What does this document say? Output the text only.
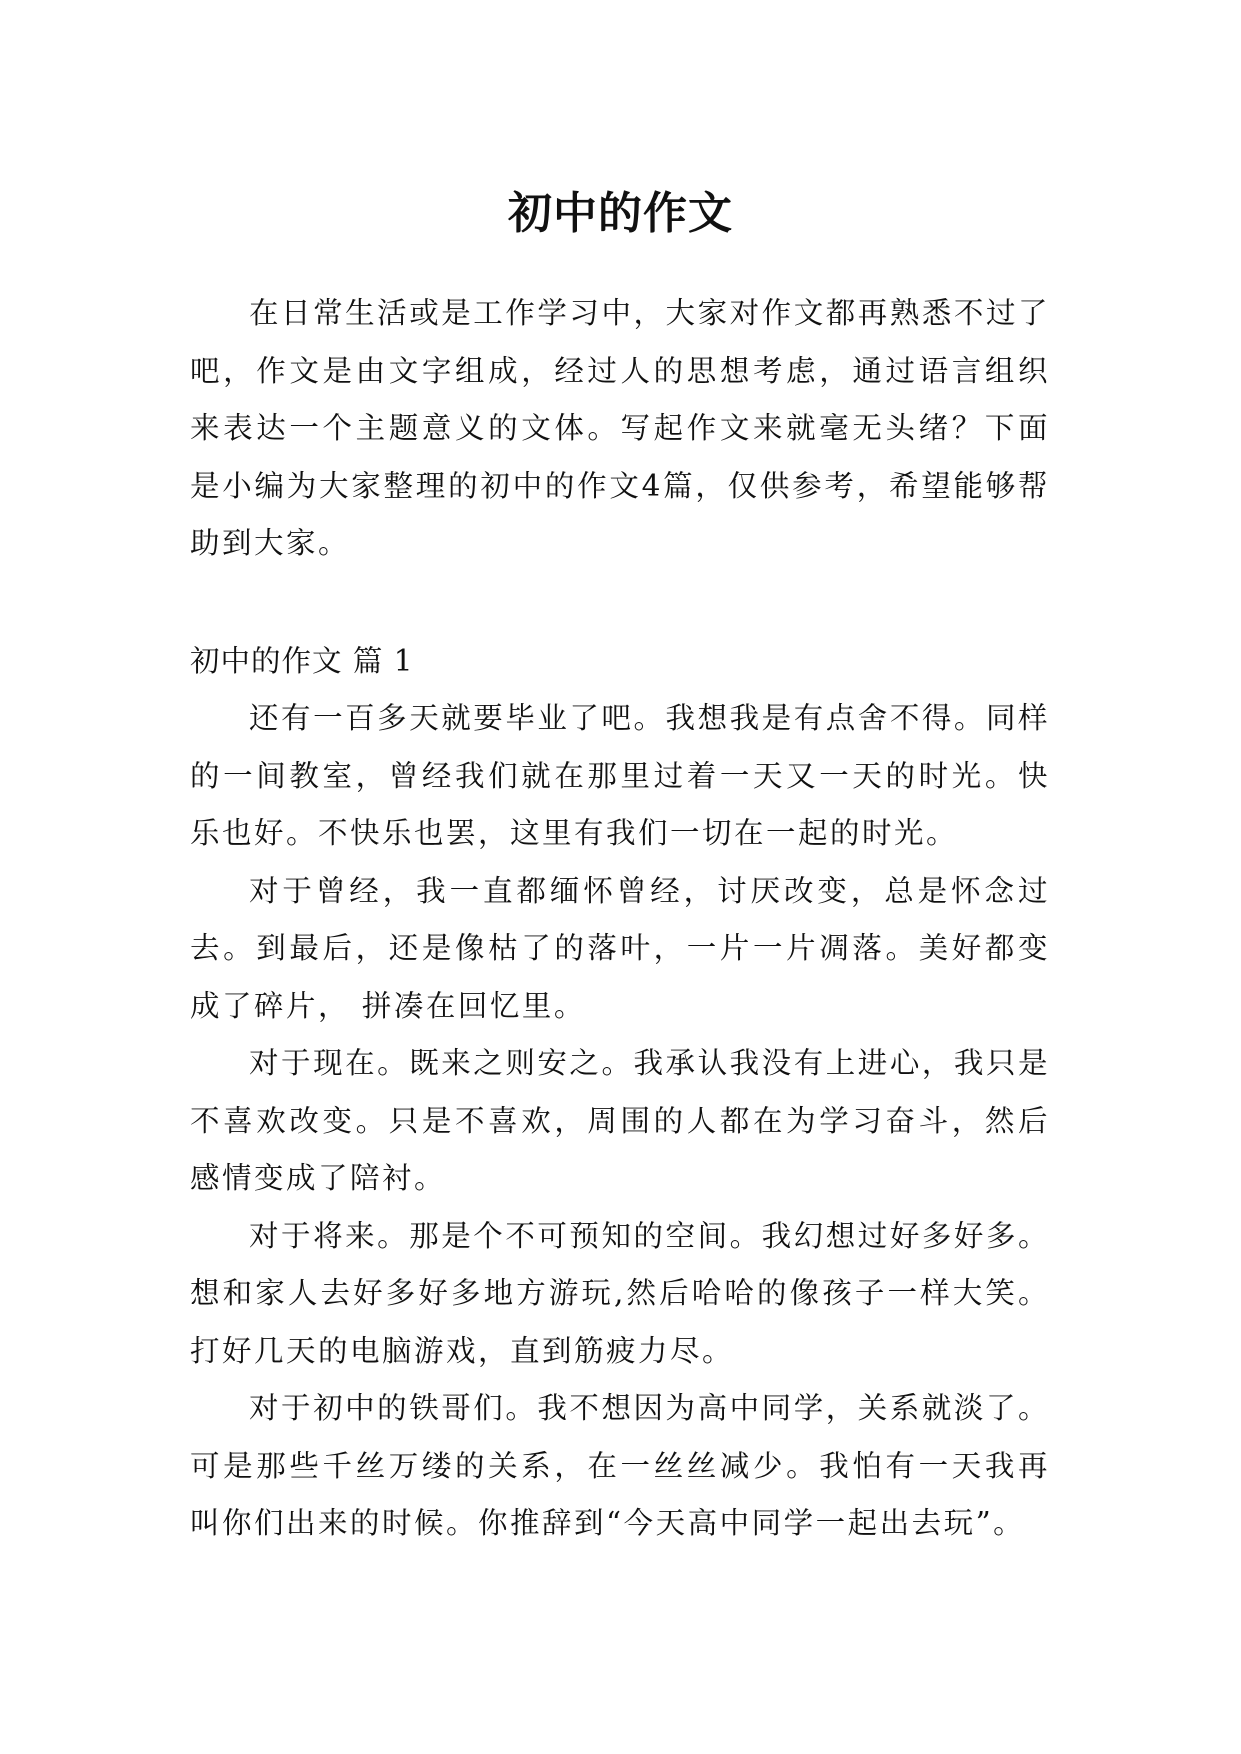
初中的作文

在日常生活或是工作学习中，大家对作文都再熟悉不过了吧，作文是由文字组成，经过人的思想考虑，通过语言组织来表达一个主题意义的文体。写起作文来就毫无头绪？下面是小编为大家整理的初中的作文4篇，仅供参考，希望能够帮助到大家。

初中的作文 篇 1

还有一百多天就要毕业了吧。我想我是有点舍不得。同样的一间教室，曾经我们就在那里过着一天又一天的时光。快乐也好。不快乐也罢，这里有我们一切在一起的时光。

对于曾经，我一直都缅怀曾经，讨厌改变，总是怀念过去。到最后，还是像枯了的落叶，一片一片凋落。美好都变成了碎片， 拼凑在回忆里。

对于现在。既来之则安之。我承认我没有上进心，我只是不喜欢改变。只是不喜欢，周围的人都在为学习奋斗，然后感情变成了陪衬。

对于将来。那是个不可预知的空间。我幻想过好多好多。想和家人去好多好多地方游玩,然后哈哈的像孩子一样大笑。打好几天的电脑游戏，直到筋疲力尽。

对于初中的铁哥们。我不想因为高中同学，关系就淡了。可是那些千丝万缕的关系，在一丝丝减少。我怕有一天我再叫你们出来的时候。你推辞到“今天高中同学一起出去玩”。
